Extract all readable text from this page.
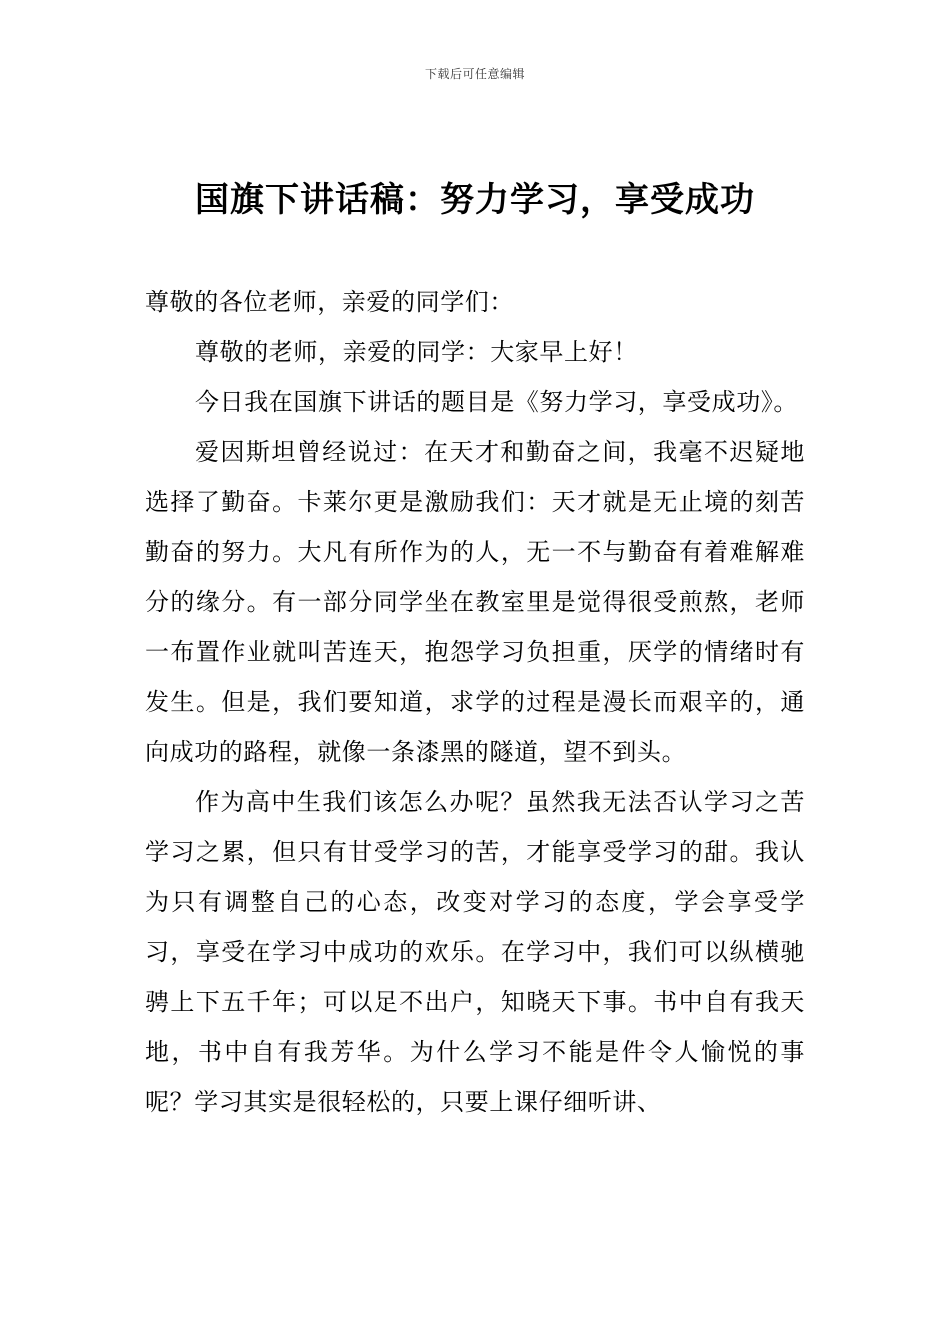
下载后可任意编辑
国旗下讲话稿：努力学习，享受成功

尊敬的各位老师，亲爱的同学们：

尊敬的老师，亲爱的同学：大家早上好！

今日我在国旗下讲话的题目是《努力学习，享受成功》。

爱因斯坦曾经说过：在天才和勤奋之间，我毫不迟疑地选择了勤奋。卡莱尔更是激励我们：天才就是无止境的刻苦勤奋的努力。大凡有所作为的人，无一不与勤奋有着难解难分的缘分。有一部分同学坐在教室里是觉得很受煎熬，老师一布置作业就叫苦连天，抱怨学习负担重，厌学的情绪时有发生。但是，我们要知道，求学的过程是漫长而艰辛的，通向成功的路程，就像一条漆黑的隧道，望不到头。

作为高中生我们该怎么办呢？虽然我无法否认学习之苦学习之累，但只有甘受学习的苦，才能享受学习的甜。我认为只有调整自己的心态，改变对学习的态度，学会享受学习，享受在学习中成功的欢乐。在学习中，我们可以纵横驰骋上下五千年；可以足不出户，知晓天下事。书中自有我天地，书中自有我芳华。为什么学习不能是件令人愉悦的事呢？学习其实是很轻松的，只要上课仔细听讲、
